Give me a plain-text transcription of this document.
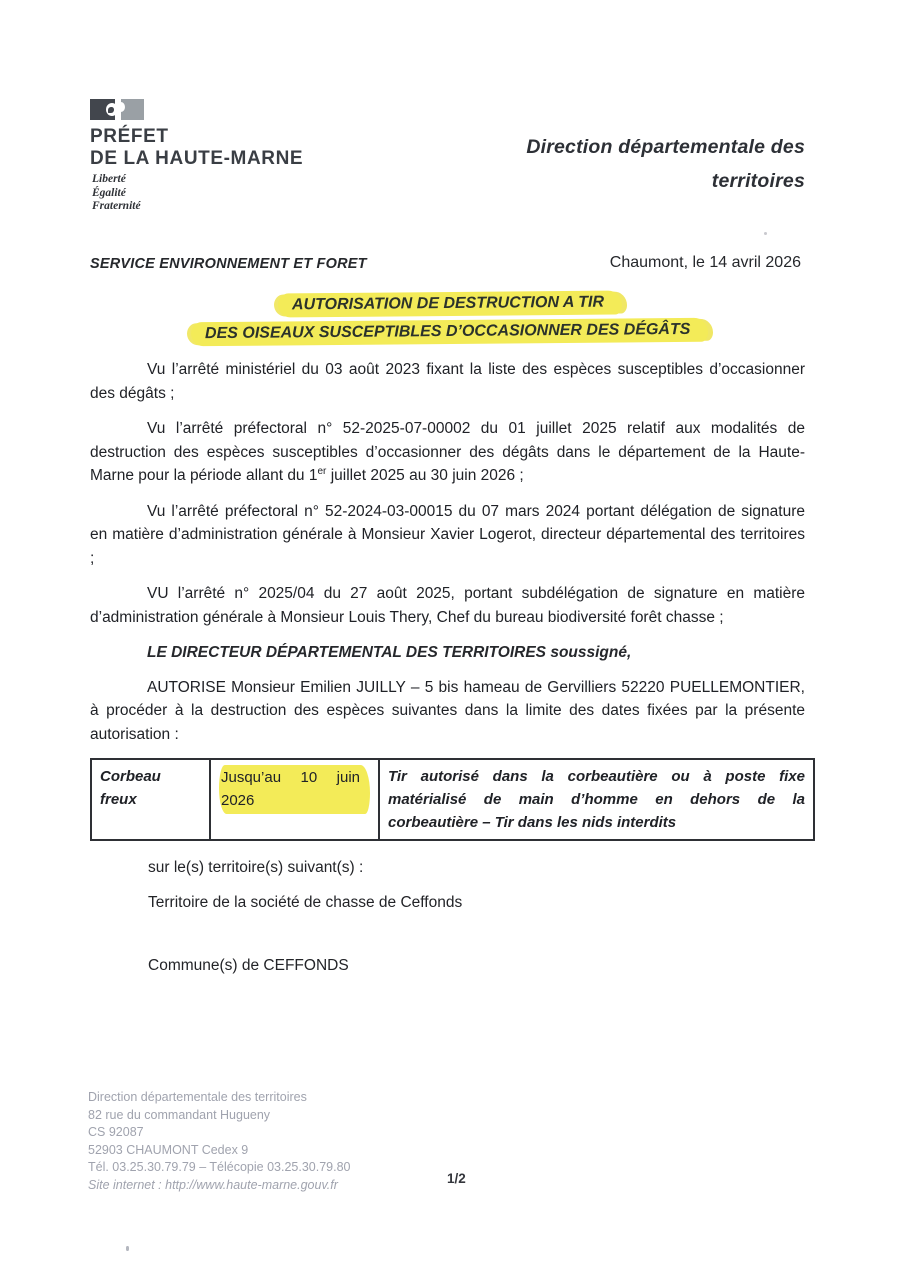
PRÉFET
DE LA HAUTE-MARNE
Liberté
Égalité
Fraternité
Direction départementale des
territoires
SERVICE ENVIRONNEMENT ET FORET	Chaumont, le 14 avril 2026
AUTORISATION DE DESTRUCTION A TIR
DES OISEAUX SUSCEPTIBLES D’OCCASIONNER DES DÉGÂTS

Vu l’arrêté ministériel du 03 août 2023 fixant la liste des espèces susceptibles d’occasionner des dégâts ;

Vu l’arrêté préfectoral n° 52-2025-07-00002 du 01 juillet 2025 relatif aux modalités de destruction des espèces susceptibles d’occasionner des dégâts dans le département de la Haute-Marne pour la période allant du 1er juillet 2025 au 30 juin 2026 ;

Vu l’arrêté préfectoral n° 52-2024-03-00015 du 07 mars 2024 portant délégation de signature en matière d’administration générale à Monsieur Xavier Logerot, directeur départemental des territoires ;

VU l’arrêté n° 2025/04 du 27 août 2025, portant subdélégation de signature en matière d’administration générale à Monsieur Louis Thery, Chef du bureau biodiversité forêt chasse ;

LE DIRECTEUR DÉPARTEMENTAL DES TERRITOIRES soussigné,

AUTORISE Monsieur Emilien JUILLY – 5 bis hameau de Gervilliers 52220 PUELLEMONTIER, à procéder à la destruction des espèces suivantes dans la limite des dates fixées par la présente autorisation :

Corbeau freux	Jusqu’au 10 juin 2026	Tir autorisé dans la corbeautière ou à poste fixe matérialisé de main d’homme en dehors de la corbeautière – Tir dans les nids interdits
sur le(s) territoire(s) suivant(s) :
Territoire de la société de chasse de Ceffonds
Commune(s) de CEFFONDS
Direction départementale des territoires
82 rue du commandant Hugueny
CS 92087
52903 CHAUMONT Cedex 9
Tél. 03.25.30.79.79 – Télécopie 03.25.30.79.80
Site internet : http://www.haute-marne.gouv.fr	1/2
